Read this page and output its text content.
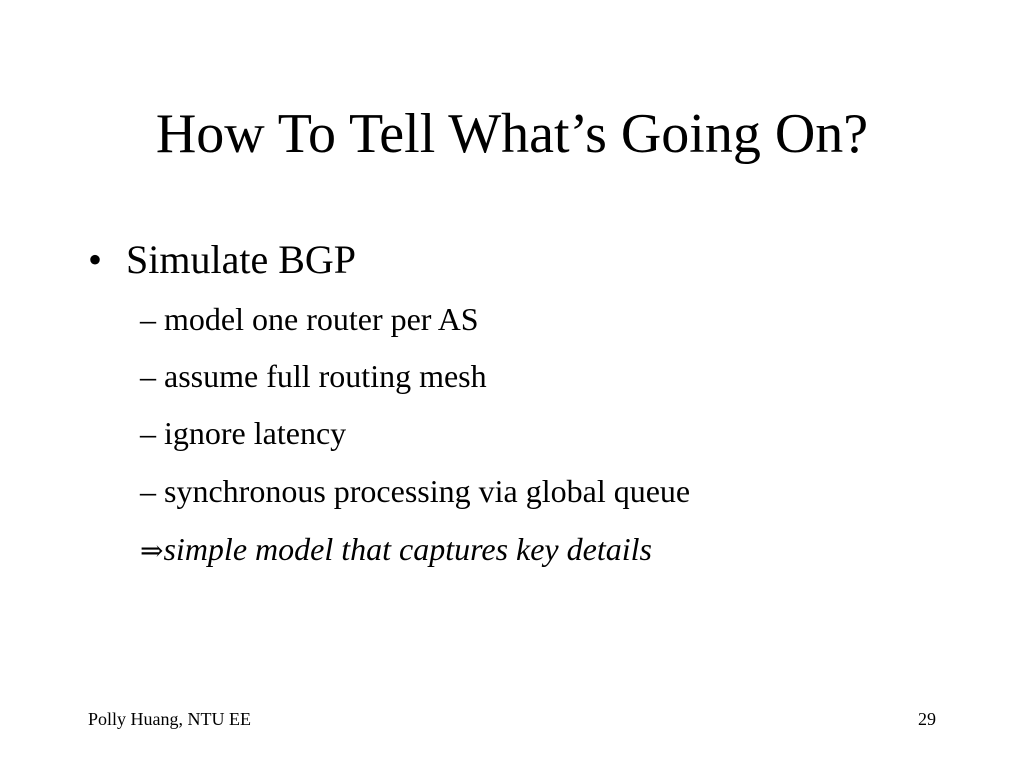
How To Tell What’s Going On?
• Simulate BGP
– model one router per AS
– assume full routing mesh
– ignore latency
– synchronous processing via global queue
⇒simple model that captures key details
Polly Huang, NTU EE	29
